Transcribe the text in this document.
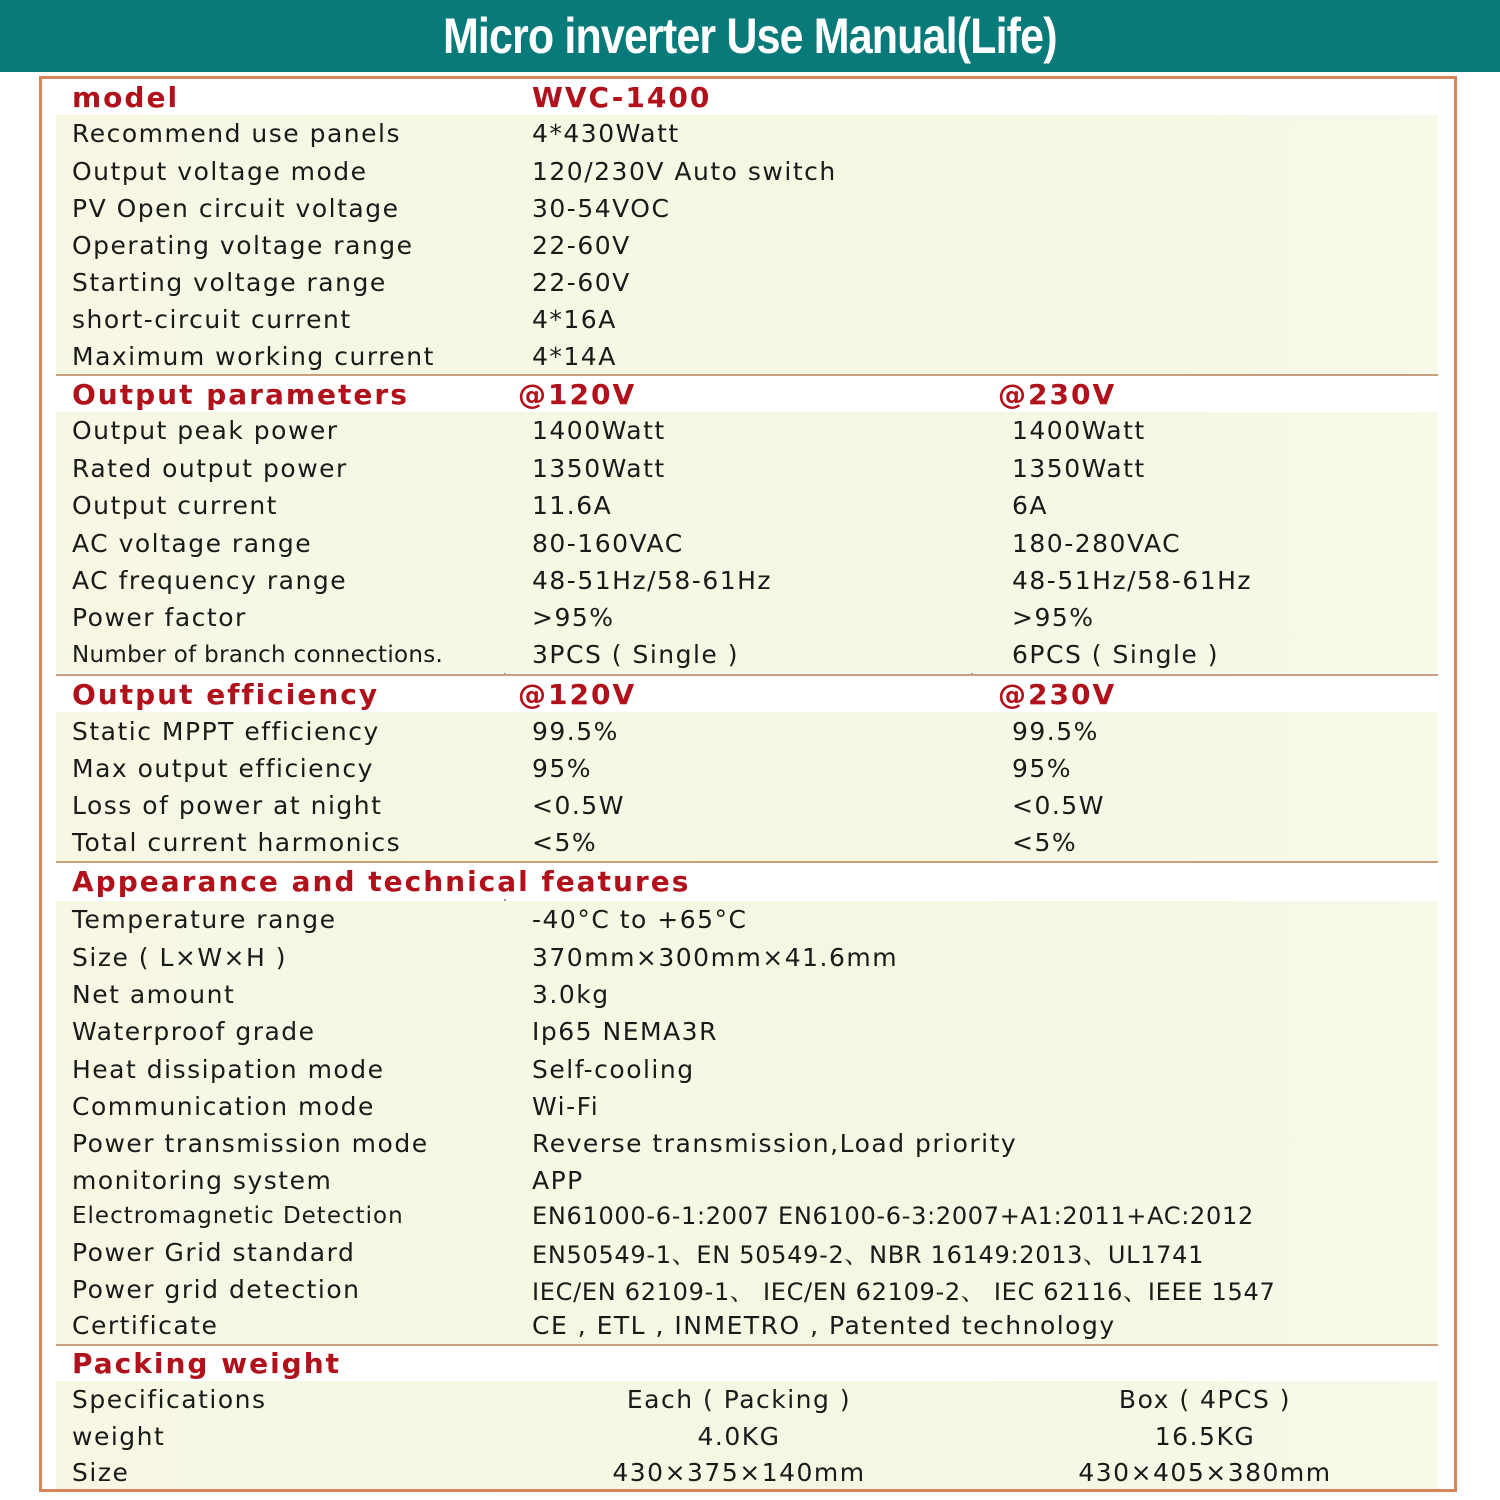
Micro inverter Use Manual(Life)
model	WVC-1400
Recommend use panels	4*430Watt
Output voltage mode	120/230V Auto switch
PV Open circuit voltage	30-54VOC
Operating voltage range	22-60V
Starting voltage range	22-60V
short-circuit current	4*16A
Maximum working current	4*14A
Output parameters	@120V	@230V
Output peak power	1400Watt	1400Watt
Rated output power	1350Watt	1350Watt
Output current	11.6A	6A
AC voltage range	80-160VAC	180-280VAC
AC frequency range	48-51Hz/58-61Hz	48-51Hz/58-61Hz
Power factor	>95%	>95%
Number of branch connections.	3PCS ( Single )	6PCS ( Single )
Output efficiency	@120V	@230V
Static MPPT efficiency	99.5%	99.5%
Max output efficiency	95%	95%
Loss of power at night	<0.5W	<0.5W
Total current harmonics	<5%	<5%
Appearance and technical features
Temperature range	-40°C to +65°C
Size ( L×W×H )	370mm×300mm×41.6mm
Net amount	3.0kg
Waterproof grade	Ip65 NEMA3R
Heat dissipation mode	Self-cooling
Communication mode	Wi-Fi
Power transmission mode	Reverse transmission,Load priority
monitoring system	APP
Electromagnetic Detection	EN61000-6-1:2007 EN6100-6-3:2007+A1:2011+AC:2012
Power Grid standard	EN50549-1、EN 50549-2、NBR 16149:2013、UL1741
Power grid detection	IEC/EN 62109-1、 IEC/EN 62109-2、 IEC 62116、IEEE 1547
Certificate	CE , ETL , INMETRO , Patented technology
Packing weight
Specifications	Each ( Packing )	Box ( 4PCS )
weight	4.0KG	16.5KG
Size	430×375×140mm	430×405×380mm
